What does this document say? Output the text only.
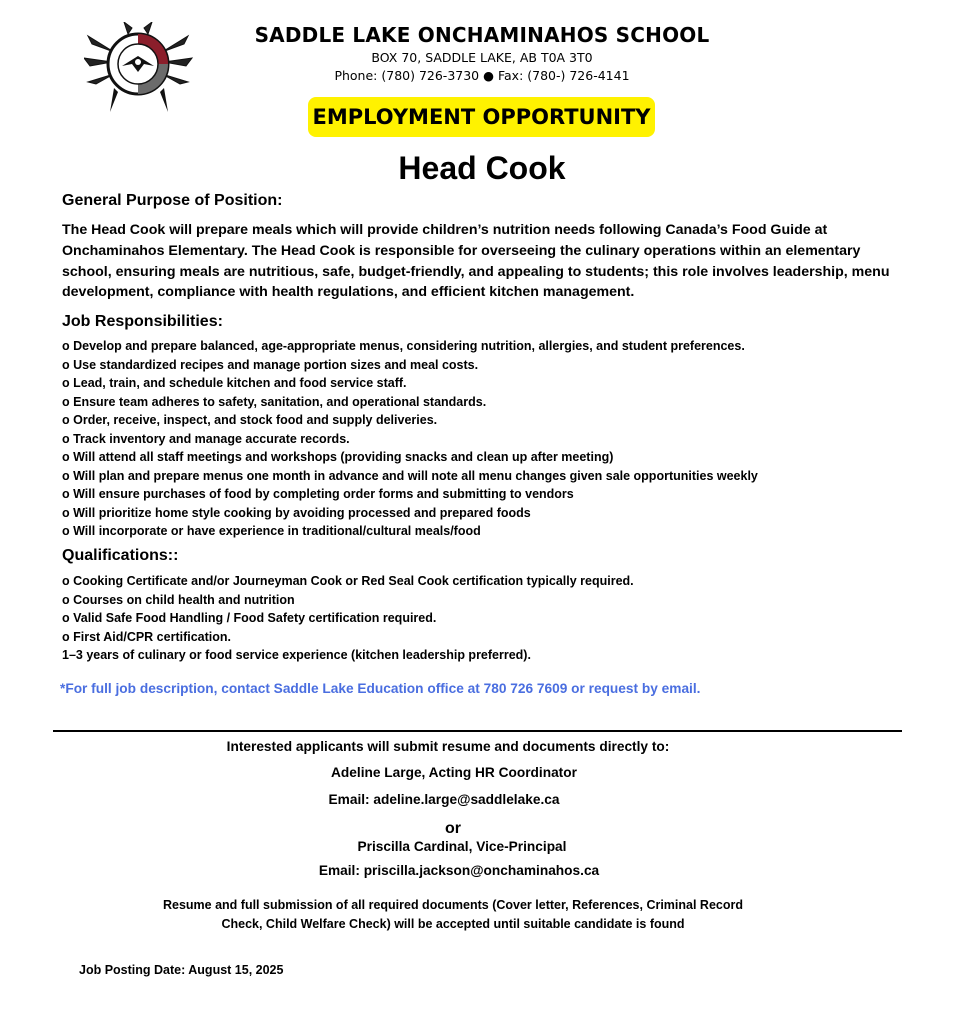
SADDLE LAKE ONCHAMINAHOS SCHOOL
BOX 70, SADDLE LAKE, AB T0A 3T0
Phone: (780) 726-3730 ● Fax: (780-) 726-4141
EMPLOYMENT OPPORTUNITY
Head Cook
General Purpose of Position:
The Head Cook will prepare meals which will provide children’s nutrition needs following Canada’s Food Guide at Onchaminahos Elementary. The Head Cook is responsible for overseeing the culinary operations within an elementary school, ensuring meals are nutritious, safe, budget-friendly, and appealing to students; this role involves leadership, menu development, compliance with health regulations, and efficient kitchen management.
Job Responsibilities:
o Develop and prepare balanced, age-appropriate menus, considering nutrition, allergies, and student preferences.
o Use standardized recipes and manage portion sizes and meal costs.
o Lead, train, and schedule kitchen and food service staff.
o Ensure team adheres to safety, sanitation, and operational standards.
o Order, receive, inspect, and stock food and supply deliveries.
o Track inventory and manage accurate records.
o Will attend all staff meetings and workshops (providing snacks and clean up after meeting)
o Will plan and prepare menus one month in advance and will note all menu changes given sale opportunities weekly
o Will ensure purchases of food by completing order forms and submitting to vendors
o Will prioritize home style cooking by avoiding processed and prepared foods
o Will incorporate or have experience in traditional/cultural meals/food
Qualifications::
o Cooking Certificate and/or Journeyman Cook or Red Seal Cook certification typically required.
o Courses on child health and nutrition
o Valid Safe Food Handling / Food Safety certification required.
o First Aid/CPR certification.
1–3 years of culinary or food service experience (kitchen leadership preferred).
*For full job description, contact Saddle Lake Education office at 780 726 7609 or request by email.
Interested applicants will submit resume and documents directly to:
Adeline Large, Acting HR Coordinator
Email: adeline.large@saddlelake.ca
or
Priscilla Cardinal, Vice-Principal
Email: priscilla.jackson@onchaminahos.ca
Resume and full submission of all required documents (Cover letter, References, Criminal Record
Check, Child Welfare Check) will be accepted until suitable candidate is found
Job Posting Date: August 15, 2025
